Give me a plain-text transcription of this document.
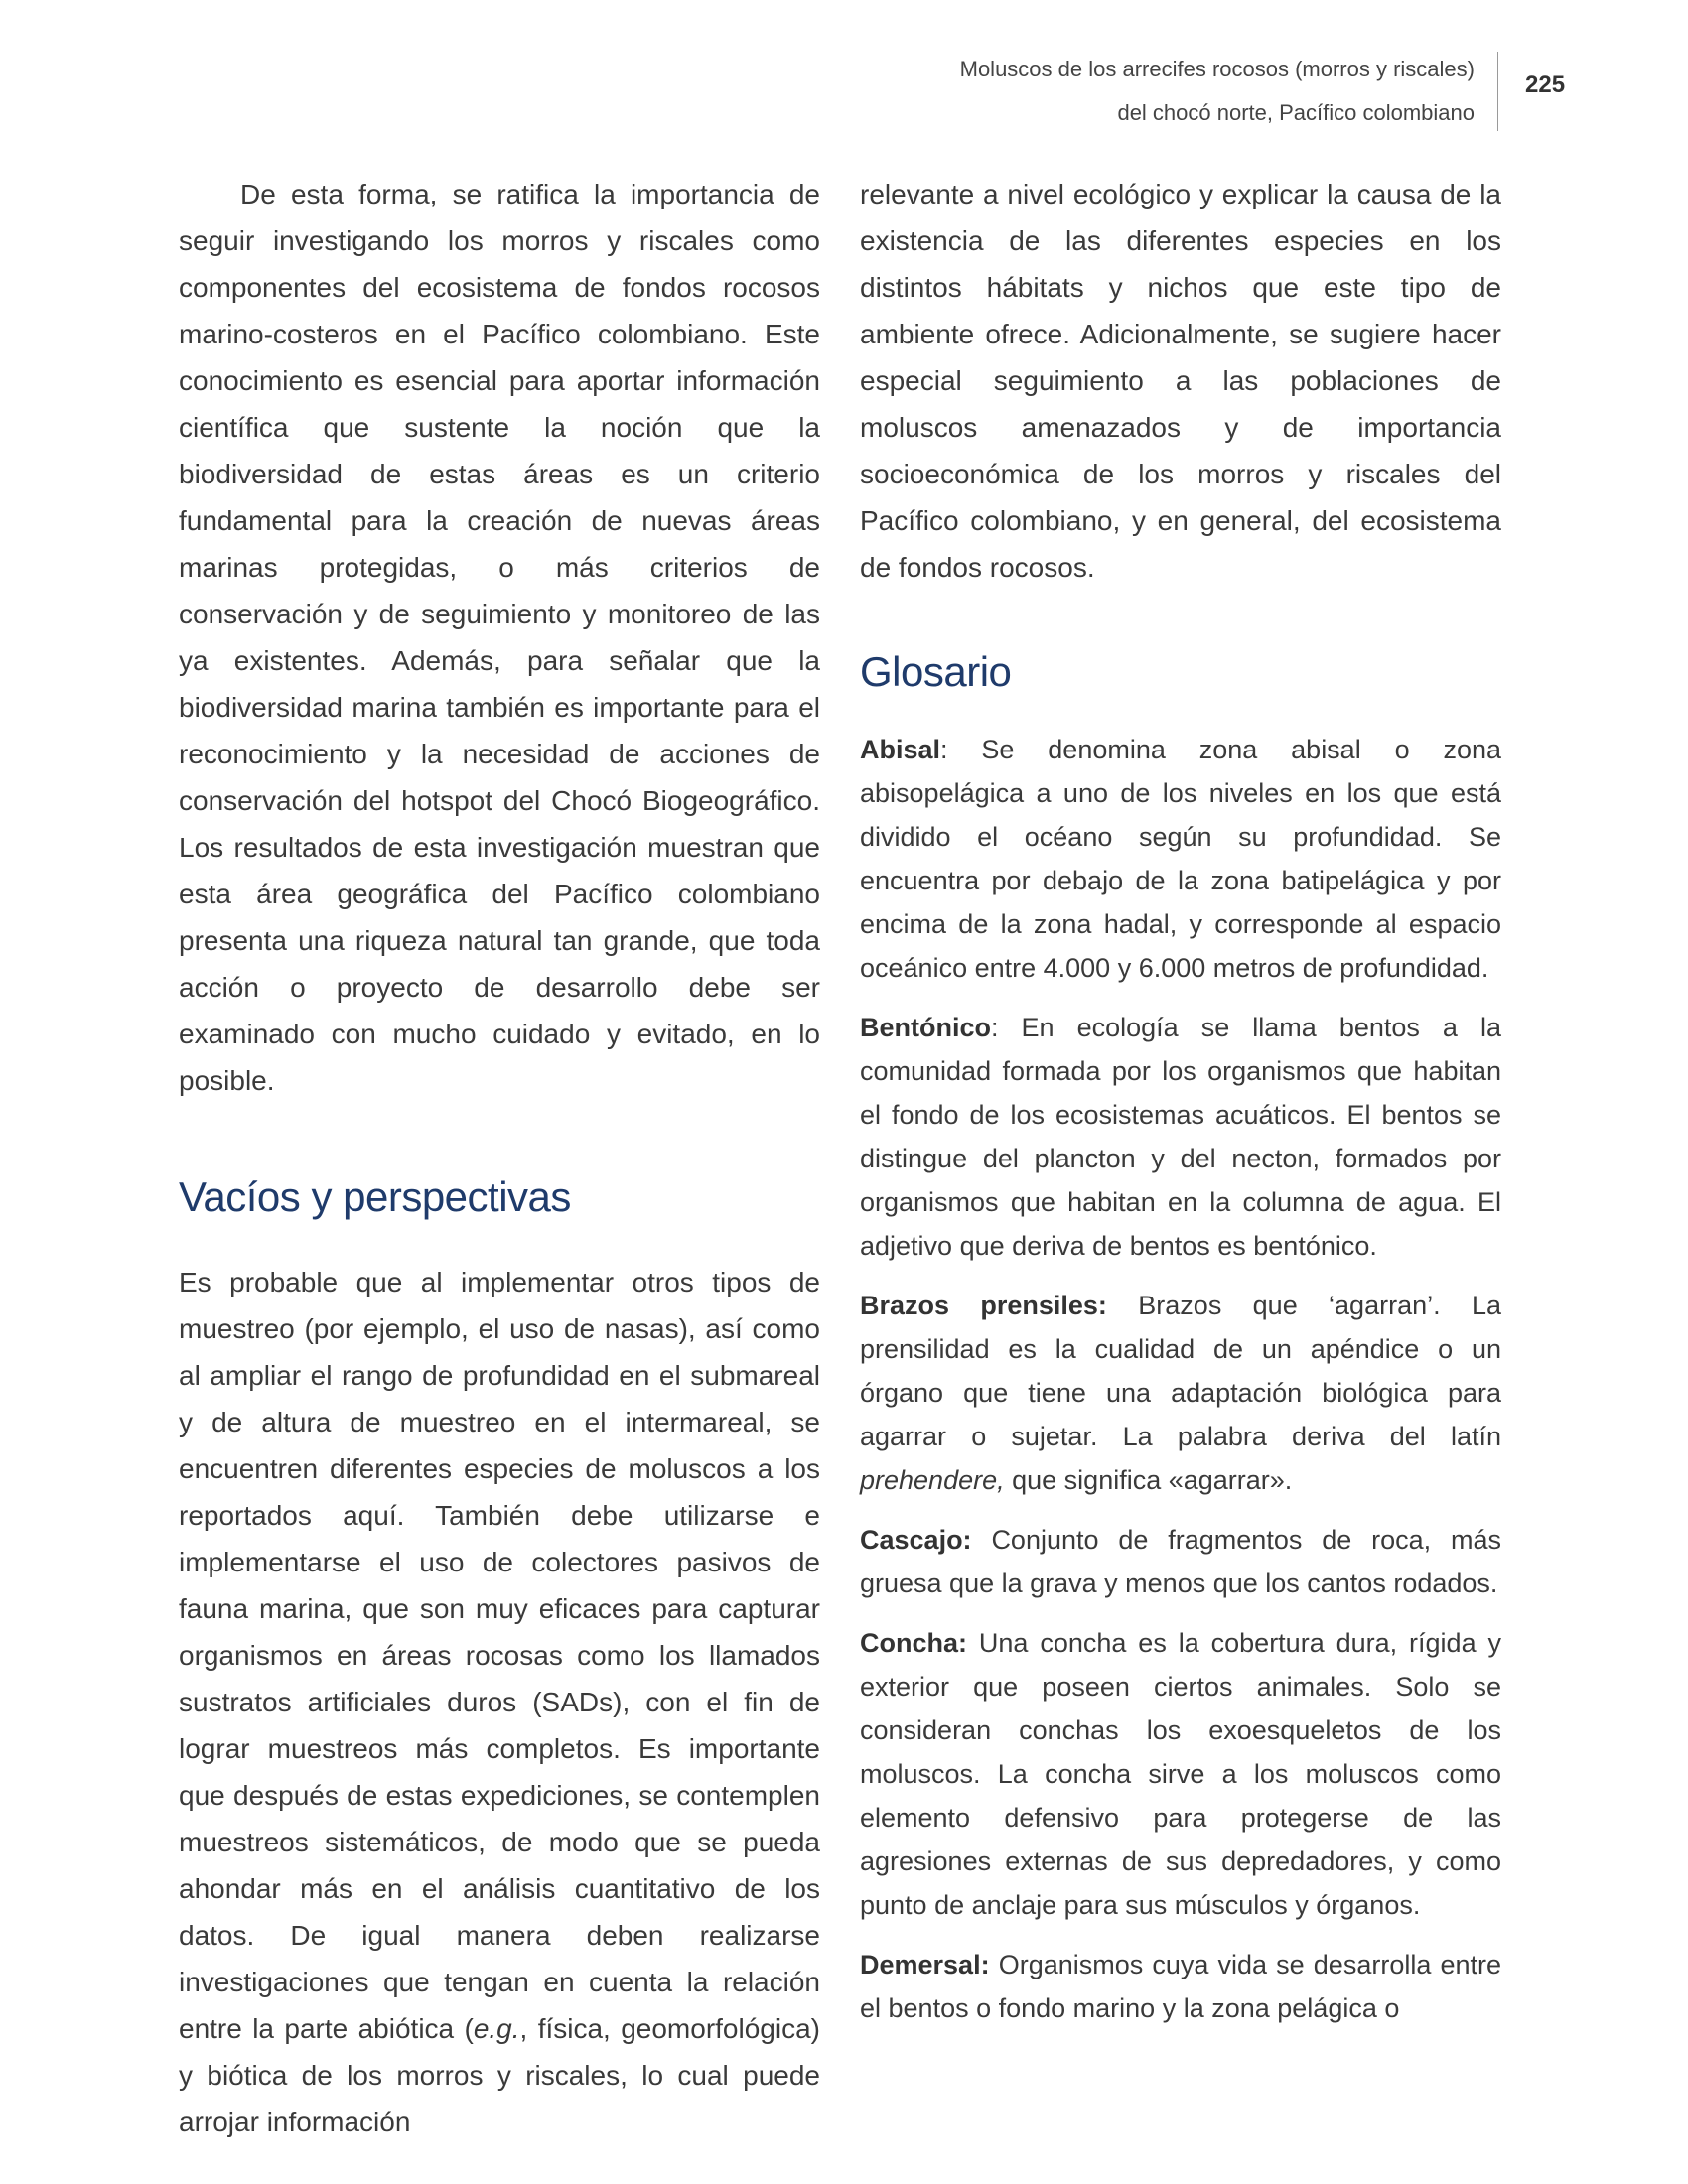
Moluscos de los arrecifes rocosos (morros y riscales)
del chocó norte, Pacífico colombiano
225

De esta forma, se ratifica la importancia de seguir investigando los morros y riscales como componentes del ecosistema de fondos rocosos marino-costeros en el Pacífico colombiano. Este conocimiento es esencial para aportar información científica que sustente la noción que la biodiversidad de estas áreas es un criterio fundamental para la creación de nuevas áreas marinas protegidas, o más criterios de conservación y de seguimiento y monitoreo de las ya existentes. Además, para señalar que la biodiversidad marina también es importante para el reconocimiento y la necesidad de acciones de conservación del hotspot del Chocó Biogeográfico. Los resultados de esta investigación muestran que esta área geográfica del Pacífico colombiano presenta una riqueza natural tan grande, que toda acción o proyecto de desarrollo debe ser examinado con mucho cuidado y evitado, en lo posible.

Vacíos y perspectivas

Es probable que al implementar otros tipos de muestreo (por ejemplo, el uso de nasas), así como al ampliar el rango de profundidad en el submareal y de altura de muestreo en el intermareal, se encuentren diferentes especies de moluscos a los reportados aquí. También debe utilizarse e implementarse el uso de colectores pasivos de fauna marina, que son muy eficaces para capturar organismos en áreas rocosas como los llamados sustratos artificiales duros (SADs), con el fin de lograr muestreos más completos. Es importante que después de estas expediciones, se contemplen muestreos sistemáticos, de modo que se pueda ahondar más en el análisis cuantitativo de los datos. De igual manera deben realizarse investigaciones que tengan en cuenta la relación entre la parte abiótica (e.g., física, geomorfológica) y biótica de los morros y riscales, lo cual puede arrojar información

relevante a nivel ecológico y explicar la causa de la existencia de las diferentes especies en los distintos hábitats y nichos que este tipo de ambiente ofrece. Adicionalmente, se sugiere hacer especial seguimiento a las poblaciones de moluscos amenazados y de importancia socioeconómica de los morros y riscales del Pacífico colombiano, y en general, del ecosistema de fondos rocosos.

Glosario

Abisal: Se denomina zona abisal o zona abisopelágica a uno de los niveles en los que está dividido el océano según su profundidad. Se encuentra por debajo de la zona batipelágica y por encima de la zona hadal, y corresponde al espacio oceánico entre 4.000 y 6.000 metros de profundidad.

Bentónico: En ecología se llama bentos a la comunidad formada por los organismos que habitan el fondo de los ecosistemas acuáticos. El bentos se distingue del plancton y del necton, formados por organismos que habitan en la columna de agua. El adjetivo que deriva de bentos es bentónico.

Brazos prensiles: Brazos que ‘agarran’. La prensilidad es la cualidad de un apéndice o un órgano que tiene una adaptación biológica para agarrar o sujetar. La palabra deriva del latín prehendere, que significa «agarrar».

Cascajo: Conjunto de fragmentos de roca, más gruesa que la grava y menos que los cantos rodados.

Concha: Una concha es la cobertura dura, rígida y exterior que poseen ciertos animales. Solo se consideran conchas los exoesqueletos de los moluscos. La concha sirve a los moluscos como elemento defensivo para protegerse de las agresiones externas de sus depredadores, y como punto de anclaje para sus músculos y órganos.

Demersal: Organismos cuya vida se desarrolla entre el bentos o fondo marino y la zona pelágica o
